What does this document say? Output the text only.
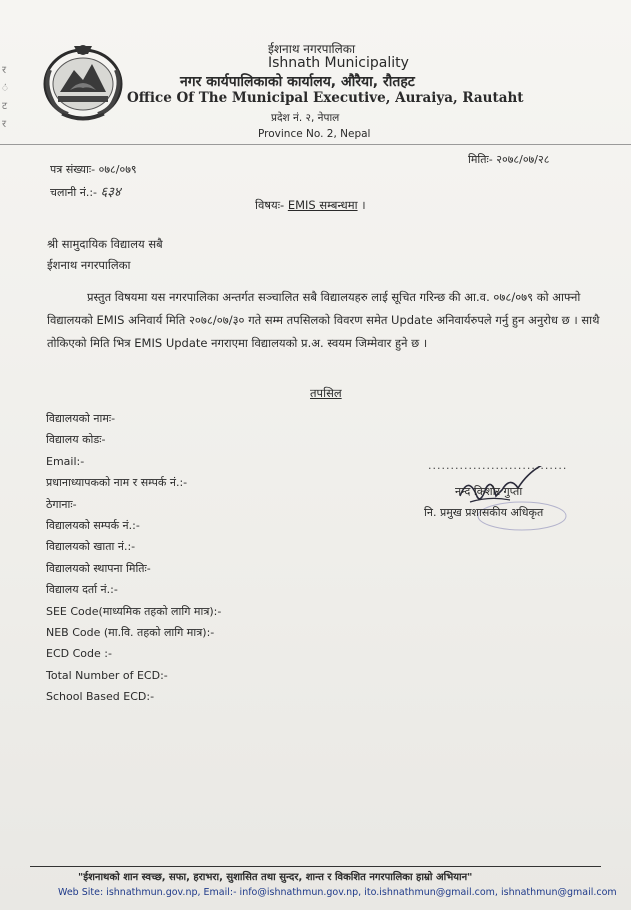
र
ं
ट
र
ईशनाथ नगरपालिका
Ishnath Municipality
नगर कार्यपालिकाको कार्यालय, औरैया, रौतहट
Office Of The Municipal Executive, Auraiya, Rautaht
प्रदेश नं. २, नेपाल
Province No. 2, Nepal
पत्र संख्याः- ०७८/०७९
चलानी नं.:- ६३४
मितिः- २०७८/०७/२८
विषयः- EMIS सम्बन्धमा ।
श्री सामुदायिक विद्यालय सबै
ईशनाथ नगरपालिका

प्रस्तुत विषयमा यस नगरपालिका अन्तर्गत सञ्चालित सबै विद्यालयहरु लाई सूचित गरिन्छ की आ.व. ०७८/०७९ को आफ्नो विद्यालयको EMIS अनिवार्य मिति २०७८/०७/३० गते सम्म तपसिलको विवरण समेत Update अनिवार्यरुपले गर्नु हुन अनुरोध छ । साथै तोकिएको मिति भित्र EMIS Update नगराएमा विद्यालयको प्र.अ. स्वयम जिम्मेवार हुने छ ।

तपसिल
विद्यालयको नामः-
विद्यालय कोडः-
Email:-
प्रधानाध्यापकको नाम र सम्पर्क नं.:-
ठेगानाः-
विद्यालयको सम्पर्क नं.:-
विद्यालयको खाता नं.:-
विद्यालयको स्थापना मितिः-
विद्यालय दर्ता नं.:-
SEE Code(माध्यमिक तहको लागि मात्र):-
NEB Code (मा.वि. तहको लागि मात्र):-
ECD Code :-
Total Number of ECD:-
School Based ECD:-
...............................
नन्द किशोर गुप्ता
नि. प्रमुख प्रशासकीय अधिकृत
"ईशनाथको शान स्वच्छ, सफा, हराभरा, सुशासित तथा सुन्दर, शान्त र विकशित नगरपालिका हाम्रो अभियान"
Web Site: ishnathmun.gov.np, Email:- info@ishnathmun.gov.np, ito.ishnathmun@gmail.com, ishnathmun@gmail.com
